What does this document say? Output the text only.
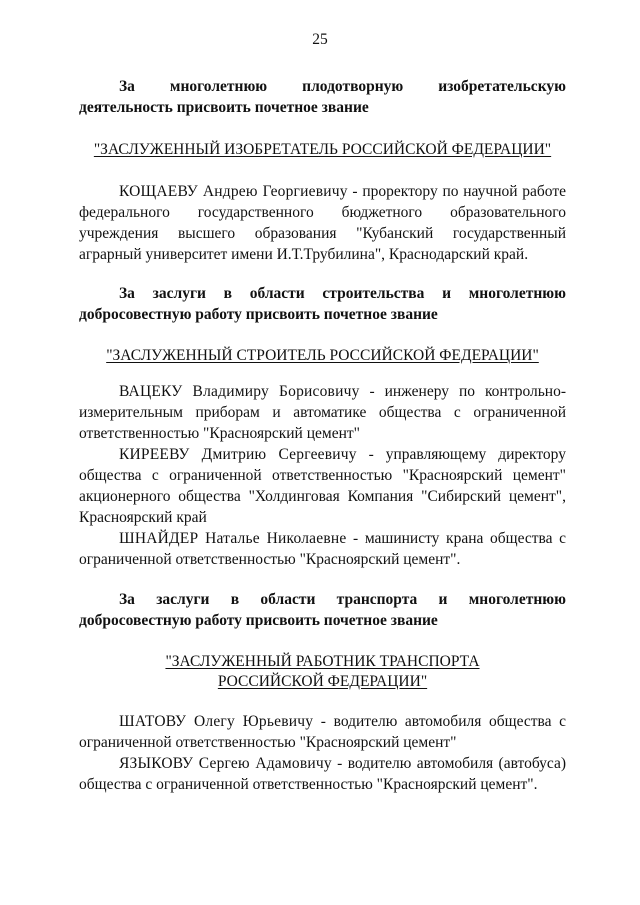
25
За многолетнюю плодотворную изобретательскую
деятельность присвоить почетное звание
"ЗАСЛУЖЕННЫЙ ИЗОБРЕТАТЕЛЬ РОССИЙСКОЙ ФЕДЕРАЦИИ"

КОЩАЕВУ Андрею Георгиевичу - проректору по научной работе федерального государственного бюджетного образовательного учреждения высшего образования "Кубанский государственный аграрный университет имени И.Т.Трубилина", Краснодарский край.

За заслуги в области строительства и многолетнюю
добросовестную работу присвоить почетное звание
"ЗАСЛУЖЕННЫЙ СТРОИТЕЛЬ РОССИЙСКОЙ ФЕДЕРАЦИИ"

ВАЦЕКУ Владимиру Борисовичу - инженеру по контрольно-измерительным приборам и автоматике общества с ограниченной ответственностью "Красноярский цемент"

КИРЕЕВУ Дмитрию Сергеевичу - управляющему директору общества с ограниченной ответственностью "Красноярский цемент" акционерного общества "Холдинговая Компания "Сибирский цемент", Красноярский край

ШНАЙДЕР Наталье Николаевне - машинисту крана общества с ограниченной ответственностью "Красноярский цемент".

За заслуги в области транспорта и многолетнюю
добросовестную работу присвоить почетное звание
"ЗАСЛУЖЕННЫЙ РАБОТНИК ТРАНСПОРТА
РОССИЙСКОЙ ФЕДЕРАЦИИ"

ШАТОВУ Олегу Юрьевичу - водителю автомобиля общества с ограниченной ответственностью "Красноярский цемент"

ЯЗЫКОВУ Сергею Адамовичу - водителю автомобиля (автобуса) общества с ограниченной ответственностью "Красноярский цемент".
